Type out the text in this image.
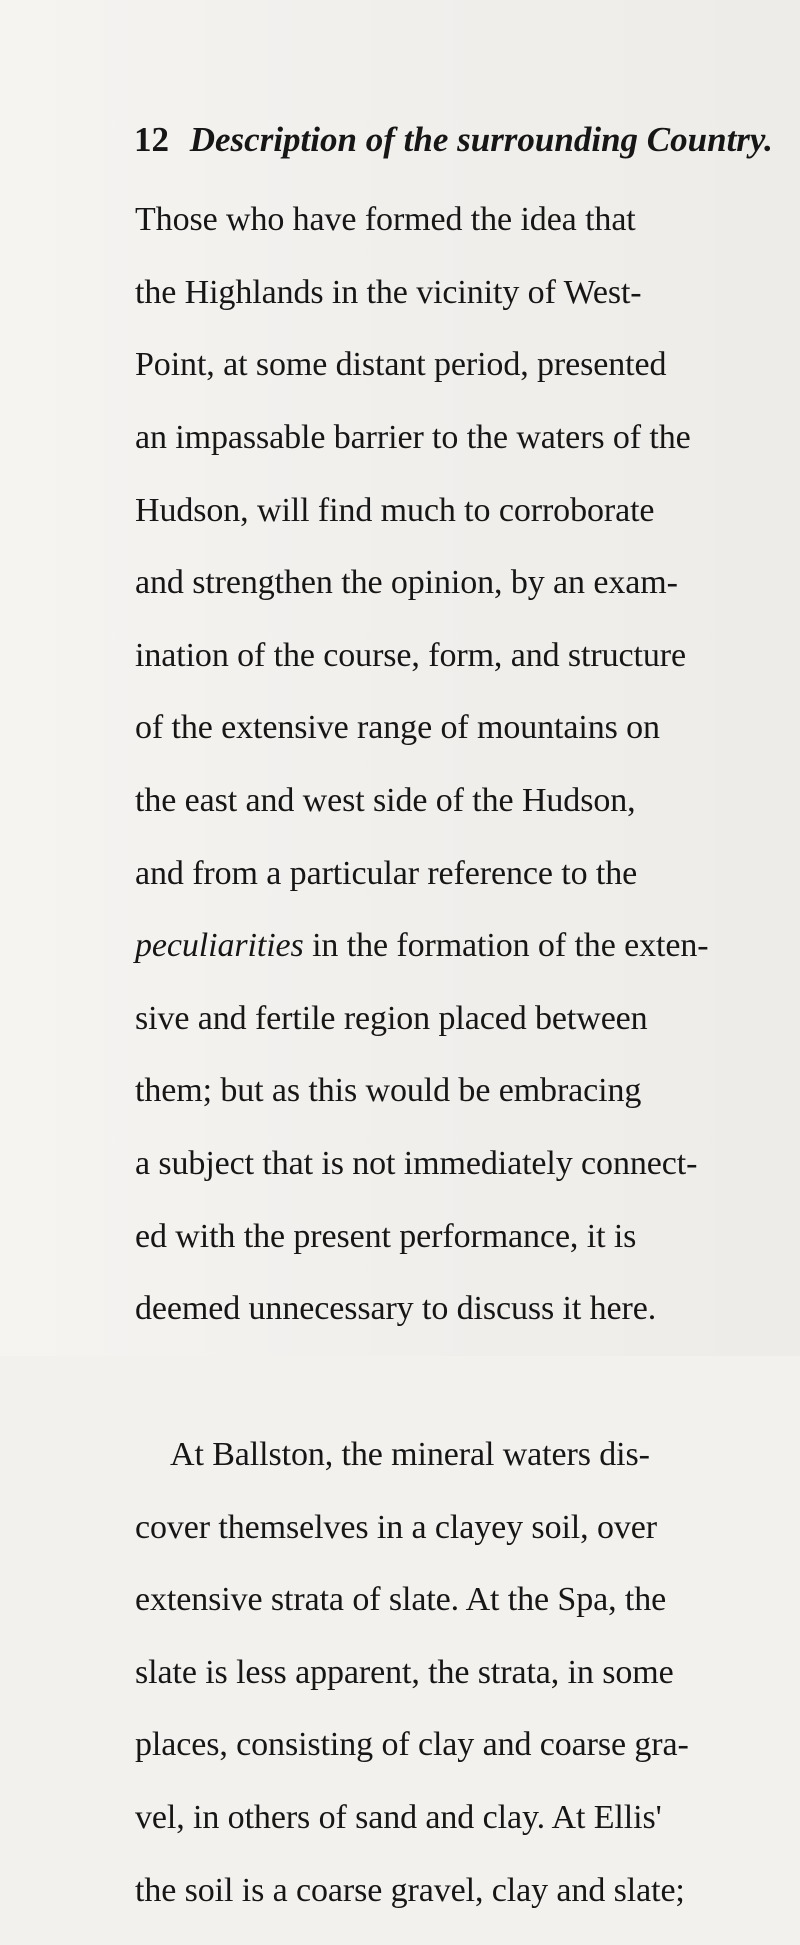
12 Description of the surrounding Country.

Those who have formed the idea that

the Highlands in the vicinity of West-

Point, at some distant period, presented

an impassable barrier to the waters of the

Hudson, will find much to corroborate

and strengthen the opinion, by an exam-

ination of the course, form, and structure

of the extensive range of mountains on

the east and west side of the Hudson,

and from a particular reference to the

peculiarities in the formation of the exten-

sive and fertile region placed between

them; but as this would be embracing

a subject that is not immediately connect-

ed with the present performance, it is

deemed unnecessary to discuss it here.

At Ballston, the mineral waters dis-

cover themselves in a clayey soil, over

extensive strata of slate. At the Spa, the

slate is less apparent, the strata, in some

places, consisting of clay and coarse gra-

vel, in others of sand and clay. At Ellis'

the soil is a coarse gravel, clay and slate;
